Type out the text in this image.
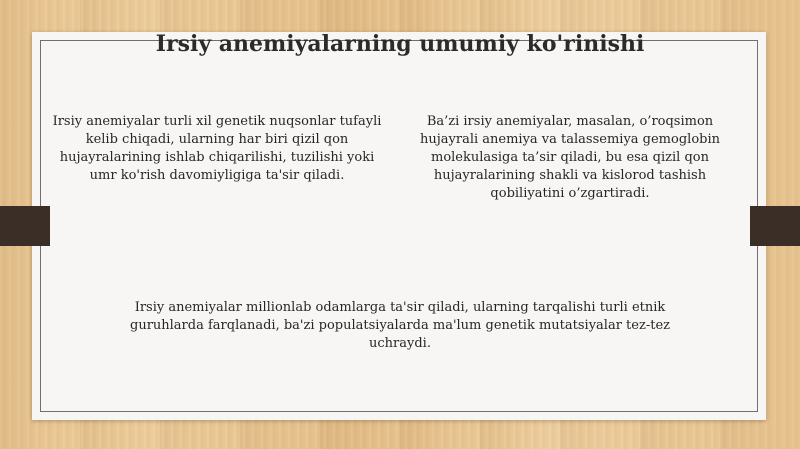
Irsiy anemiyalarning umumiy ko'rinishi

Irsiy anemiyalar turli xil genetik nuqsonlar tufayli kelib chiqadi, ularning har biri qizil qon hujayralarining ishlab chiqarilishi, tuzilishi yoki umr ko'rish davomiyligiga ta'sir qiladi.

Ba’zi irsiy anemiyalar, masalan, o’roqsimon hujayrali anemiya va talassemiya gemoglobin molekulasiga ta’sir qiladi, bu esa qizil qon hujayralarining shakli va kislorod tashish qobiliyatini o’zgartiradi.

Irsiy anemiyalar millionlab odamlarga ta'sir qiladi, ularning tarqalishi turli etnik guruhlarda farqlanadi, ba'zi populatsiyalarda ma'lum genetik mutatsiyalar tez-tez uchraydi.
